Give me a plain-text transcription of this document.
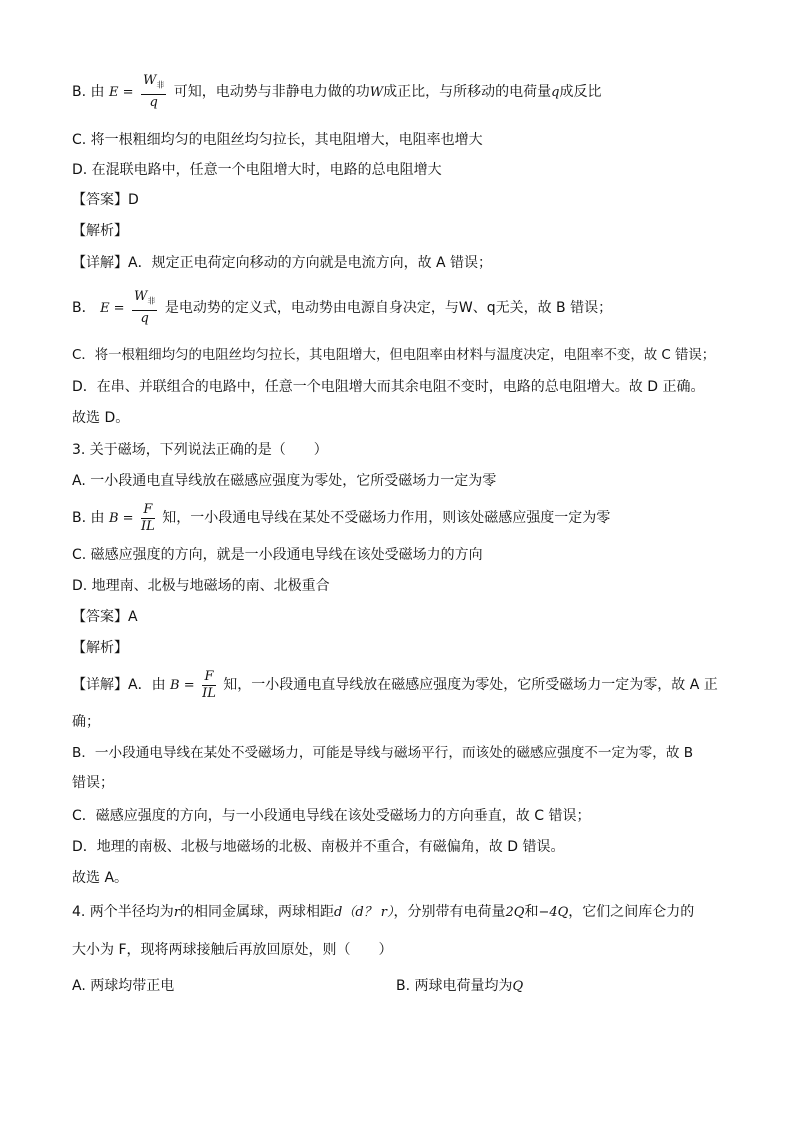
B. 由 $E = \frac{W_非}{q}$ 可知，电动势与非静电力做的功W成正比，与所移动的电荷量q成反比
C. 将一根粗细均匀的电阻丝均匀拉长，其电阻增大，电阻率也增大
D. 在混联电路中，任意一个电阻增大时，电路的总电阻增大
【答案】D
【解析】
【详解】A．规定正电荷定向移动的方向就是电流方向，故 A 错误；
B． $E = \frac{W_非}{q}$ 是电动势的定义式，电动势由电源自身决定，与W、q无关，故 B 错误；
C．将一根粗细均匀的电阻丝均匀拉长，其电阻增大，但电阻率由材料与温度决定，电阻率不变，故 C 错误；
D．在串、并联组合的电路中，任意一个电阻增大而其余电阻不变时，电路的总电阻增大。故 D 正确。
故选 D。
3. 关于磁场，下列说法正确的是（　　）
A. 一小段通电直导线放在磁感应强度为零处，它所受磁场力一定为零
B. 由 $B = \frac{F}{IL}$ 知，一小段通电导线在某处不受磁场力作用，则该处磁感应强度一定为零
C. 磁感应强度的方向，就是一小段通电导线在该处受磁场力的方向
D. 地理南、北极与地磁场的南、北极重合
【答案】A
【解析】
【详解】A．由 $B = \frac{F}{IL}$ 知，一小段通电直导线放在磁感应强度为零处，它所受磁场力一定为零，故 A 正
确；
B．一小段通电导线在某处不受磁场力，可能是导线与磁场平行，而该处的磁感应强度不一定为零，故 B
错误；
C．磁感应强度的方向，与一小段通电导线在该处受磁场力的方向垂直，故 C 错误；
D．地理的南极、北极与地磁场的北极、南极并不重合，有磁偏角，故 D 错误。
故选 A。
4. 两个半径均为r的相同金属球，两球相距d（d？ r），分别带有电荷量2Q和−4Q，它们之间库仑力的
大小为 F，现将两球接触后再放回原处，则（　　）
A. 两球均带正电	B. 两球电荷量均为Q
